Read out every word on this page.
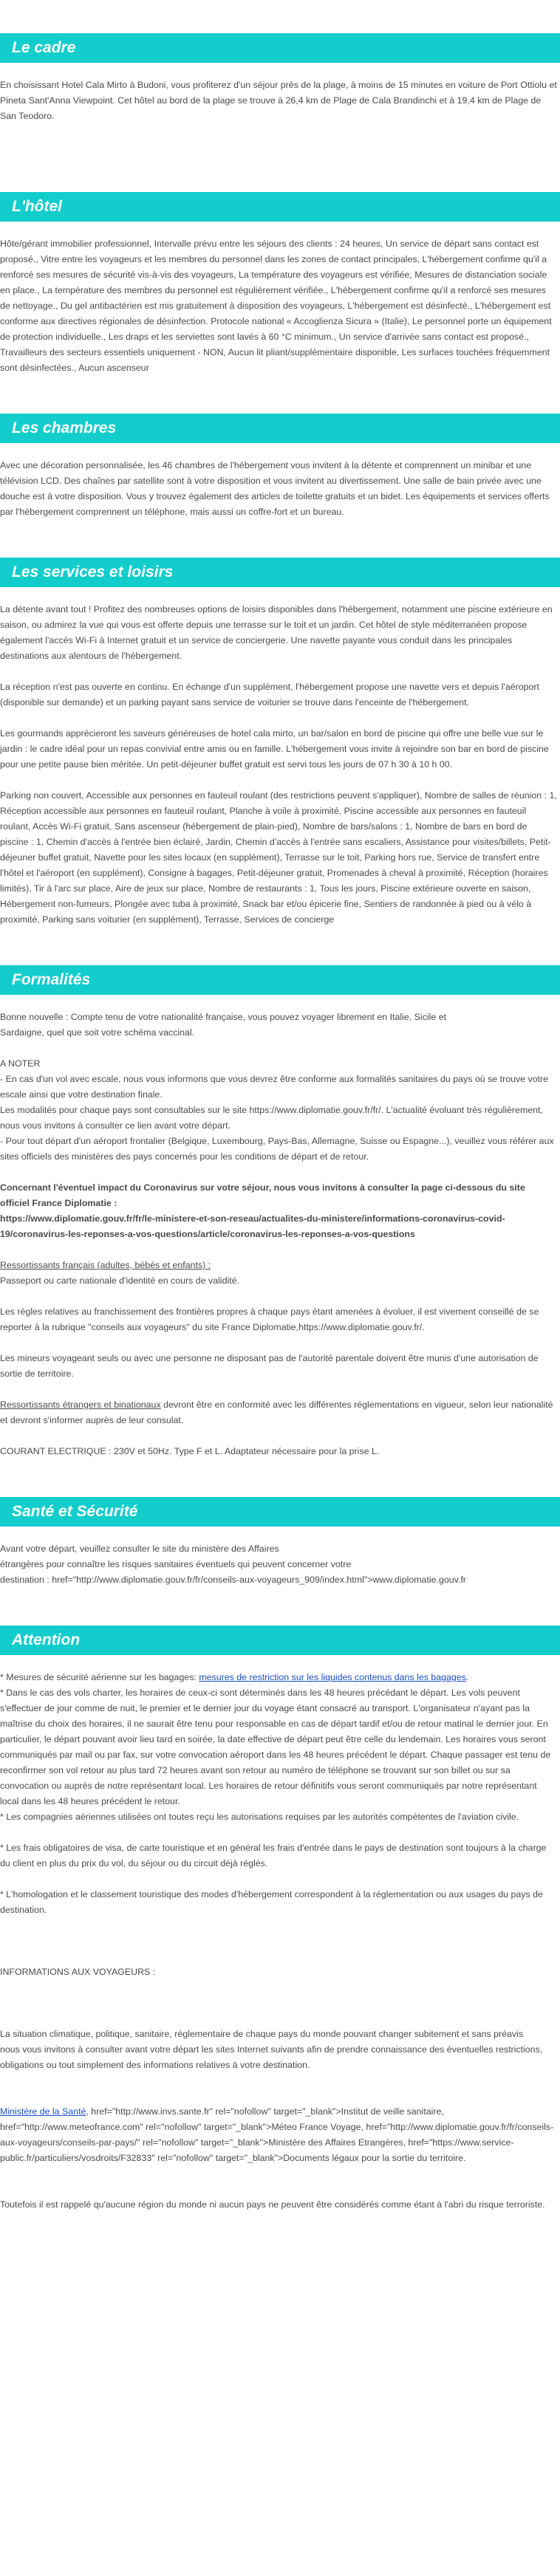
Le cadre

En choisissant Hotel Cala Mirto à Budoni, vous profiterez d'un séjour près de la plage, à moins de 15 minutes en voiture de Port Ottiolu et Pineta Sant'Anna Viewpoint. Cet hôtel au bord de la plage se trouve à 26,4 km de Plage de Cala Brandinchi et à 19,4 km de Plage de San Teodoro.

L'hôtel

Hôte/gérant immobilier professionnel, Intervalle prévu entre les séjours des clients : 24 heures, Un service de départ sans contact est proposé., Vitre entre les voyageurs et les membres du personnel dans les zones de contact principales, L'hébergement confirme qu'il a renforcé ses mesures de sécurité vis-à-vis des voyageurs, La température des voyageurs est vérifiée, Mesures de distanciation sociale en place., La température des membres du personnel est régulièrement vérifiée., L'hébergement confirme qu'il a renforcé ses mesures de nettoyage., Du gel antibactérien est mis gratuitement à disposition des voyageurs, L'hébergement est désinfecté., L'hébergement est conforme aux directives régionales de désinfection. Protocole national « Accoglienza Sicura » (Italie), Le personnel porte un équipement de protection individuelle., Les draps et les serviettes sont lavés à 60 °C minimum., Un service d'arrivée sans contact est proposé., Travailleurs des secteurs essentiels uniquement - NON, Aucun lit pliant/supplémentaire disponible, Les surfaces touchées fréquemment sont désinfectées., Aucun ascenseur

Les chambres

Avec une décoration personnalisée, les 46 chambres de l'hébergement vous invitent à la détente et comprennent un minibar et une télévision LCD. Des chaînes par satellite sont à votre disposition et vous invitent au divertissement. Une salle de bain privée avec une douche est à votre disposition. Vous y trouvez également des articles de toilette gratuits et un bidet. Les équipements et services offerts par l'hébergement comprennent un téléphone, mais aussi un coffre-fort et un bureau.

Les services et loisirs

La détente avant tout ! Profitez des nombreuses options de loisirs disponibles dans l'hébergement, notamment une piscine extérieure en saison, ou admirez la vue qui vous est offerte depuis une terrasse sur le toit et un jardin. Cet hôtel de style méditerranéen propose également l'accès Wi-Fi à Internet gratuit et un service de conciergerie. Une navette payante vous conduit dans les principales destinations aux alentours de l'hébergement.

La réception n'est pas ouverte en continu. En échange d'un supplément, l'hébergement propose une navette vers et depuis l'aéroport (disponible sur demande) et un parking payant sans service de voiturier se trouve dans l'enceinte de l'hébergement.

Les gourmands apprécieront les saveurs généreuses de hotel cala mirto, un bar/salon en bord de piscine qui offre une belle vue sur le jardin : le cadre idéal pour un repas convivial entre amis ou en famille. L'hébergement vous invite à rejoindre son bar en bord de piscine pour une petite pause bien méritée. Un petit-déjeuner buffet gratuit est servi tous les jours de 07 h 30 à 10 h 00.

Parking non couvert, Accessible aux personnes en fauteuil roulant (des restrictions peuvent s'appliquer), Nombre de salles de réunion : 1, Réception accessible aux personnes en fauteuil roulant, Planche à voile à proximité, Piscine accessible aux personnes en fauteuil roulant, Accès Wi-Fi gratuit, Sans ascenseur (hébergement de plain-pied), Nombre de bars/salons : 1, Nombre de bars en bord de piscine : 1, Chemin d'accès à l'entrée bien éclairé, Jardin, Chemin d'accès à l'entrée sans escaliers, Assistance pour visites/billets, Petit-déjeuner buffet gratuit, Navette pour les sites locaux (en supplément), Terrasse sur le toit, Parking hors rue, Service de transfert entre l'hôtel et l'aéroport (en supplément), Consigne à bagages, Petit-déjeuner gratuit, Promenades à cheval à proximité, Réception (horaires limités), Tir à l'arc sur place, Aire de jeux sur place, Nombre de restaurants : 1, Tous les jours, Piscine extérieure ouverte en saison, Hébergement non-fumeurs, Plongée avec tuba à proximité, Snack bar et/ou épicerie fine, Sentiers de randonnée à pied ou à vélo à proximité, Parking sans voiturier (en supplément), Terrasse, Services de concierge

Formalités

Bonne nouvelle : Compte tenu de votre nationalité française, vous pouvez voyager librement en Italie, Sicile et

Sardaigne, quel que soit votre schéma vaccinal.

A NOTER

- En cas d'un vol avec escale, nous vous informons que vous devrez être conforme aux formalités sanitaires du pays où se trouve votre escale ainsi que votre destination finale.

Les modalités pour chaque pays sont consultables sur le site https://www.diplomatie.gouv.fr/fr/. L'actualité évoluant très régulièrement, nous vous invitons à consulter ce lien avant votre départ.

- Pour tout départ d'un aéroport frontalier (Belgique, Luxembourg, Pays-Bas, Allemagne, Suisse ou Espagne...), veuillez vous référer aux sites officiels des ministères des pays concernés pour les conditions de départ et de retour.

Concernant l'éventuel impact du Coronavirus sur votre séjour, nous vous invitons à consulter la page ci-dessous du site officiel France Diplomatie :

https://www.diplomatie.gouv.fr/fr/le-ministere-et-son-reseau/actualites-du-ministere/informations-coronavirus-covid-19/coronavirus-les-reponses-a-vos-questions/article/coronavirus-les-reponses-a-vos-questions

Ressortissants français (adultes, bébés et enfants) :

Passeport ou carte nationale d'identité en cours de validité.

Les règles relatives au franchissement des frontières propres à chaque pays étant amenées à évoluer, il est vivement conseillé de se reporter à la rubrique "conseils aux voyageurs" du site France Diplomatie,https://www.diplomatie.gouv.fr/.

Les mineurs voyageant seuls ou avec une personne ne disposant pas de l'autorité parentale doivent être munis d'une autorisation de sortie de territoire.

Ressortissants étrangers et binationaux devront être en conformité avec les différentes réglementations en vigueur, selon leur nationalité et devront s'informer auprès de leur consulat.

COURANT ELECTRIQUE : 230V et 50Hz. Type F et L. Adaptateur nécessaire pour la prise L.

Santé et Sécurité

Avant votre départ, veuillez consulter le site du ministère des Affaires

étrangères pour connaître les risques sanitaires éventuels qui peuvent concerner votre

destination : href="http://www.diplomatie.gouv.fr/fr/conseils-aux-voyageurs_909/index.html">www.diplomatie.gouv.fr

Attention

* Mesures de sécurité aérienne sur les bagages: mesures de restriction sur les liquides contenus dans les bagages.

* Dans le cas des vols charter, les horaires de ceux-ci sont déterminés dans les 48 heures précédant le départ. Les vols peuvent s'effectuer de jour comme de nuit, le premier et le dernier jour du voyage étant consacré au transport. L'organisateur n'ayant pas la maîtrise du choix des horaires, il ne saurait être tenu pour responsable en cas de départ tardif et/ou de retour matinal le dernier jour. En particulier, le départ pouvant avoir lieu tard en soirée, la date effective de départ peut être celle du lendemain. Les horaires vous seront communiqués par mail ou par fax, sur votre convocation aéroport dans les 48 heures précédent le départ. Chaque passager est tenu de reconfirmer son vol retour au plus tard 72 heures avant son retour au numéro de téléphone se trouvant sur son billet ou sur sa convocation ou auprès de notre représentant local. Les horaires de retour définitifs vous seront communiqués par notre représentant local dans les 48 heures précédent le retour.

* Les compagnies aériennes utilisées ont toutes reçu les autorisations requises par les autorités compétentes de l'aviation civile.

* Les frais obligatoires de visa, de carte touristique et en général les frais d'entrée dans le pays de destination sont toujours à la charge du client en plus du prix du vol, du séjour ou du circuit déjà réglés.

* L'homologation et le classement touristique des modes d'hébergement correspondent à la réglementation ou aux usages du pays de destination.

INFORMATIONS AUX VOYAGEURS :

La situation climatique, politique, sanitaire, réglementaire de chaque pays du monde pouvant changer subitement et sans préavis

nous vous invitons à consulter avant votre départ les sites Internet suivants afin de prendre connaissance des éventuelles restrictions, obligations ou tout simplement des informations relatives à votre destination.

Ministère de la Santé, href="http://www.invs.sante.fr" rel="nofollow" target="_blank">Institut de veille sanitaire, href="http://www.meteofrance.com" rel="nofollow" target="_blank">Méteo France Voyage, href="http://www.diplomatie.gouv.fr/fr/conseils-aux-voyageurs/conseils-par-pays/" rel="nofollow" target="_blank">Ministère des Affaires Etrangères, href="https://www.service-public.fr/particuliers/vosdroits/F32833" rel="nofollow" target="_blank">Documents légaux pour la sortie du territoire.

Toutefois il est rappelé qu'aucune région du monde ni aucun pays ne peuvent être considérés comme étant à l'abri du risque terroriste.
